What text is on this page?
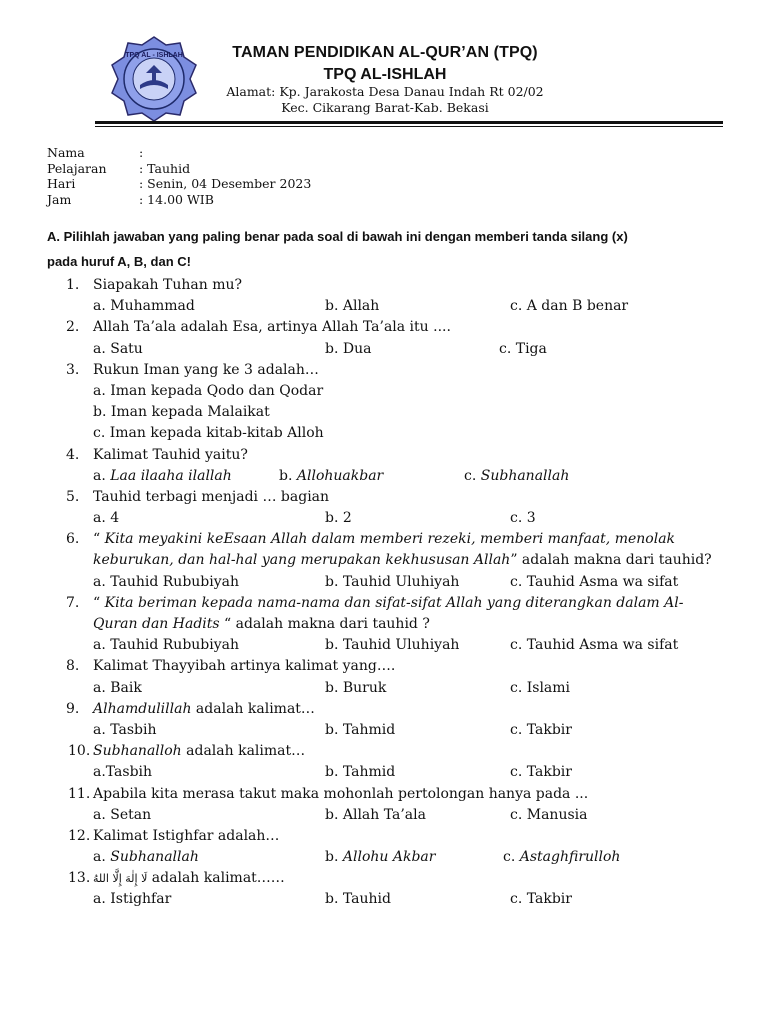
TPQ AL - ISHLAH	TAMAN PENDIDIKAN AL-QUR’AN (TPQ)
TPQ AL-ISHLAH
Alamat: Kp. Jarakosta Desa Danau Indah Rt 02/02
Kec. Cikarang Barat-Kab. Bekasi
Nama	:
Pelajaran	: Tauhid
Hari	: Senin, 04 Desember 2023
Jam	: 14.00 WIB
A. Pilihlah jawaban yang paling benar pada soal di bawah ini dengan memberi tanda silang (x)
pada huruf A, B, dan C!
1. Siapakah Tuhan mu?
a. Muhammad	b. Allah	c. A dan B benar
2. Allah Ta’ala adalah Esa, artinya Allah Ta’ala itu ....
a. Satu	b. Dua	c. Tiga
3. Rukun Iman yang ke 3 adalah…
a. Iman kepada Qodo dan Qodar
b. Iman kepada Malaikat
c. Iman kepada kitab-kitab Alloh
4. Kalimat Tauhid yaitu?
a. Laa ilaaha ilallah	b. Allohuakbar	c. Subhanallah
5. Tauhid terbagi menjadi … bagian
a. 4	b. 2	c. 3
6. “ Kita meyakini keEsaan Allah dalam memberi rezeki, memberi manfaat, menolak
keburukan, dan hal-hal yang merupakan kekhususan Allah” adalah makna dari tauhid?
a. Tauhid Rububiyah	b. Tauhid Uluhiyah	c. Tauhid Asma wa sifat
7. “ Kita beriman kepada nama-nama dan sifat-sifat Allah yang diterangkan dalam Al-
Quran dan Hadits “ adalah makna dari tauhid ?
a. Tauhid Rububiyah	b. Tauhid Uluhiyah	c. Tauhid Asma wa sifat
8. Kalimat Thayyibah artinya kalimat yang….
a. Baik	b. Buruk	c. Islami
9. Alhamdulillah adalah kalimat…
a. Tasbih	b. Tahmid	c. Takbir
10. Subhanalloh adalah kalimat…
a.Tasbih	b. Tahmid	c. Takbir
11. Apabila kita merasa takut maka mohonlah pertolongan hanya pada ...
a. Setan	b. Allah Ta’ala	c. Manusia
12. Kalimat Istighfar adalah…
a. Subhanallah	b. Allohu Akbar	c. Astaghfirulloh
13. لَا إِلٰهَ إِلَّا اللهُ adalah kalimat……
a. Istighfar	b. Tauhid	c. Takbir
